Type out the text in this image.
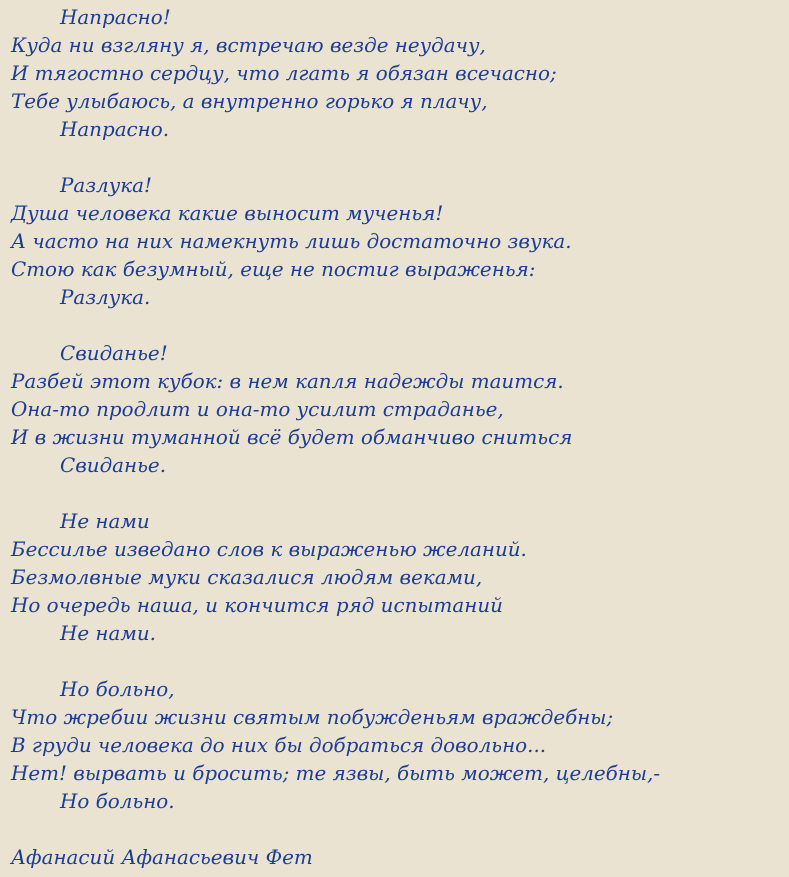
Напрасно!
Куда ни взгляну я, встречаю везде неудачу,
И тягостно сердцу, что лгать я обязан всечасно;
Тебе улыбаюсь, а внутренно горько я плачу,
Напрасно.
Разлука!
Душа человека какие выносит мученья!
А часто на них намекнуть лишь достаточно звука.
Стою как безумный, еще не постиг выраженья:
Разлука.
Свиданье!
Разбей этот кубок: в нем капля надежды таится.
Она-то продлит и она-то усилит страданье,
И в жизни туманной всё будет обманчиво сниться
Свиданье.
Не нами
Бессилье изведано слов к выраженью желаний.
Безмолвные муки сказалися людям веками,
Но очередь наша, и кончится ряд испытаний
Не нами.
Но больно,
Что жребии жизни святым побужденьям враждебны;
В груди человека до них бы добраться довольно...
Нет! вырвать и бросить; те язвы, быть может, целебны,-
Но больно.
Афанасий Афанасьевич Фет
